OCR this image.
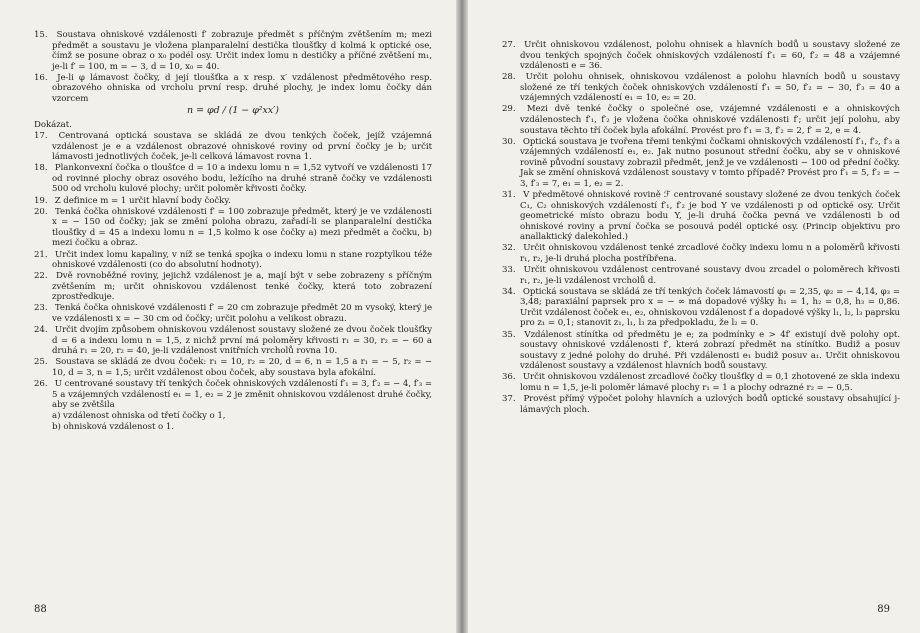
15. Soustava ohniskové vzdálenosti f′ zobrazuje předmět s příčným zvětšením m; mezi předmět a soustavu je vložena planparalelní destička tloušťky d kolmá k optické ose, čímž se posune obraz o x₀ podél osy. Určit index lomu n destičky a příčné zvětšení m₁, je-li f′ = 100, m = − 3, d = 10, x₀ = 40.
16. Je-li φ lámavost čočky, d její tloušťka a x resp. x′ vzdálenost předmětového resp. obrazového ohniska od vrcholu první resp. druhé plochy, je index lomu čočky dán vzorcem
n = φd / (1 − φ²xx′)
Dokázat.
17. Centrovaná optická soustava se skládá ze dvou tenkých čoček, jejíž vzájemná vzdálenost je e a vzdálenost obrazové ohniskové roviny od první čočky je b; určit lámavosti jednotlivých čoček, je-li celková lámavost rovna 1.
18. Plankonvexní čočka o tloušťce d = 10 a indexu lomu n = 1,52 vytvoří ve vzdálenosti 17 od rovinné plochy obraz osového bodu, ležícího na druhé straně čočky ve vzdálenosti 500 od vrcholu kulové plochy; určit poloměr křivosti čočky.
19. Z definice m = 1 určit hlavní body čočky.
20. Tenká čočka ohniskové vzdálenosti f′ = 100 zobrazuje předmět, který je ve vzdálenosti x = − 150 od čočky; jak se změní poloha obrazu, zařadí-li se planparalelní destička tloušťky d = 45 a indexu lomu n = 1,5 kolmo k ose čočky a) mezi předmět a čočku, b) mezi čočku a obraz.
21. Určit index lomu kapaliny, v níž se tenká spojka o indexu lomu n stane rozptylkou téže ohniskové vzdálenosti (co do absolutní hodnoty).
22. Dvě rovnoběžné roviny, jejichž vzdálenost je a, mají být v sebe zobrazeny s příčným zvětšením m; určit ohniskovou vzdálenost tenké čočky, která toto zobrazení zprostředkuje.
23. Tenká čočka ohniskové vzdálenosti f′ = 20 cm zobrazuje předmět 20 m vysoký, který je ve vzdálenosti x = − 30 cm od čočky; určit polohu a velikost obrazu.
24. Určit dvojím způsobem ohniskovou vzdálenost soustavy složené ze dvou čoček tloušťky d = 6 a indexu lomu n = 1,5, z nichž první má poloměry křivosti r₁ = 30, r₂ = − 60 a druhá r₁ = 20, r₂ = 40, je-li vzdálenost vnitřních vrcholů rovna 10.
25. Soustava se skládá ze dvou čoček: r₁ = 10, r₂ = 20, d = 6, n = 1,5 a r₁ = − 5, r₂ = − 10, d = 3, n = 1,5; určit vzdálenost obou čoček, aby soustava byla afokální.
26. U centrované soustavy tří tenkých čoček ohniskových vzdáleností f′₁ = 3, f′₂ = − 4, f′₃ = 5 a vzájemných vzdáleností e₁ = 1, e₂ = 2 je změnit ohniskovou vzdálenost druhé čočky, aby se zvětšila
a) vzdálenost ohniska od třetí čočky o 1,
b) ohnisková vzdálenost o 1.
88
27. Určit ohniskovou vzdálenost, polohu ohnisek a hlavních bodů u soustavy složené ze dvou tenkých spojných čoček ohniskových vzdáleností f′₁ = 60, f′₂ = 48 a vzájemné vzdálenosti e = 36.
28. Určit polohu ohnisek, ohniskovou vzdálenost a polohu hlavních bodů u soustavy složené ze tří tenkých čoček ohniskových vzdáleností f′₁ = 50, f′₂ = − 30, f′₃ = 40 a vzájemných vzdáleností e₁ = 10, e₂ = 20.
29. Mezi dvě tenké čočky o společné ose, vzájemné vzdálenosti e a ohniskových vzdálenostech f′₁, f′₂ je vložena čočka ohniskové vzdálenosti f′; určit její polohu, aby soustava těchto tří čoček byla afokální. Provést pro f′₁ = 3, f′₂ = 2, f′ = 2, e = 4.
30. Optická soustava je tvořena třemi tenkými čočkami ohniskových vzdáleností f′₁, f′₂, f′₃ a vzájemných vzdáleností e₁, e₂. Jak nutno posunout střední čočku, aby se v ohniskové rovině původní soustavy zobrazil předmět, jenž je ve vzdálenosti − 100 od přední čočky. Jak se změní ohnisková vzdálenost soustavy v tomto případě? Provést pro f′₁ = 5, f′₂ = − 3, f′₃ = 7, e₁ = 1, e₂ = 2.
31. V předmětové ohniskové rovině ℱ centrované soustavy složené ze dvou tenkých čoček C₁, C₂ ohniskových vzdáleností f′₁, f′₂ je bod Y ve vzdálenosti p od optické osy. Určit geometrické místo obrazu bodu Y, je-li druhá čočka pevná ve vzdálenosti b od ohniskové roviny a první čočka se posouvá podél optické osy. (Princip objektivu pro anallaktický dalekohled.)
32. Určit ohniskovou vzdálenost tenké zrcadlové čočky indexu lomu n a poloměrů křivosti r₁, r₂, je-li druhá plocha postříbřena.
33. Určit ohniskovou vzdálenost centrované soustavy dvou zrcadel o poloměrech křivosti r₁, r₂, je-li vzdálenost vrcholů d.
34. Optická soustava se skládá ze tří tenkých čoček lámavostí φ₁ = 2,35, φ₂ = − 4,14, φ₃ = 3,48; paraxiální paprsek pro x = − ∞ má dopadové výšky h₁ = 1, h₂ = 0,8, h₃ = 0,86. Určit vzdálenost čoček e₁, e₂, ohniskovou vzdálenost f a dopadové výšky l₁, l₂, l₃ paprsku pro z₁ = 0,1; stanovit z₁, l₁, l₃ za předpokladu, že l₂ = 0.
35. Vzdálenost stínítka od předmětu je e; za podmínky e > 4f′ existují dvě polohy opt. soustavy ohniskové vzdálenosti f′, která zobrazí předmět na stínítko. Budiž a posuv soustavy z jedné polohy do druhé. Při vzdálenosti e₁ budiž posuv a₁. Určit ohniskovou vzdálenost soustavy a vzdálenost hlavních bodů soustavy.
36. Určit ohniskovou vzdálenost zrcadlové čočky tloušťky d = 0,1 zhotovené ze skla indexu lomu n = 1,5, je-li poloměr lámavé plochy r₁ = 1 a plochy odrazné r₂ = − 0,5.
37. Provést přímý výpočet polohy hlavních a uzlových bodů optické soustavy obsahující j-lámavých ploch.
89
